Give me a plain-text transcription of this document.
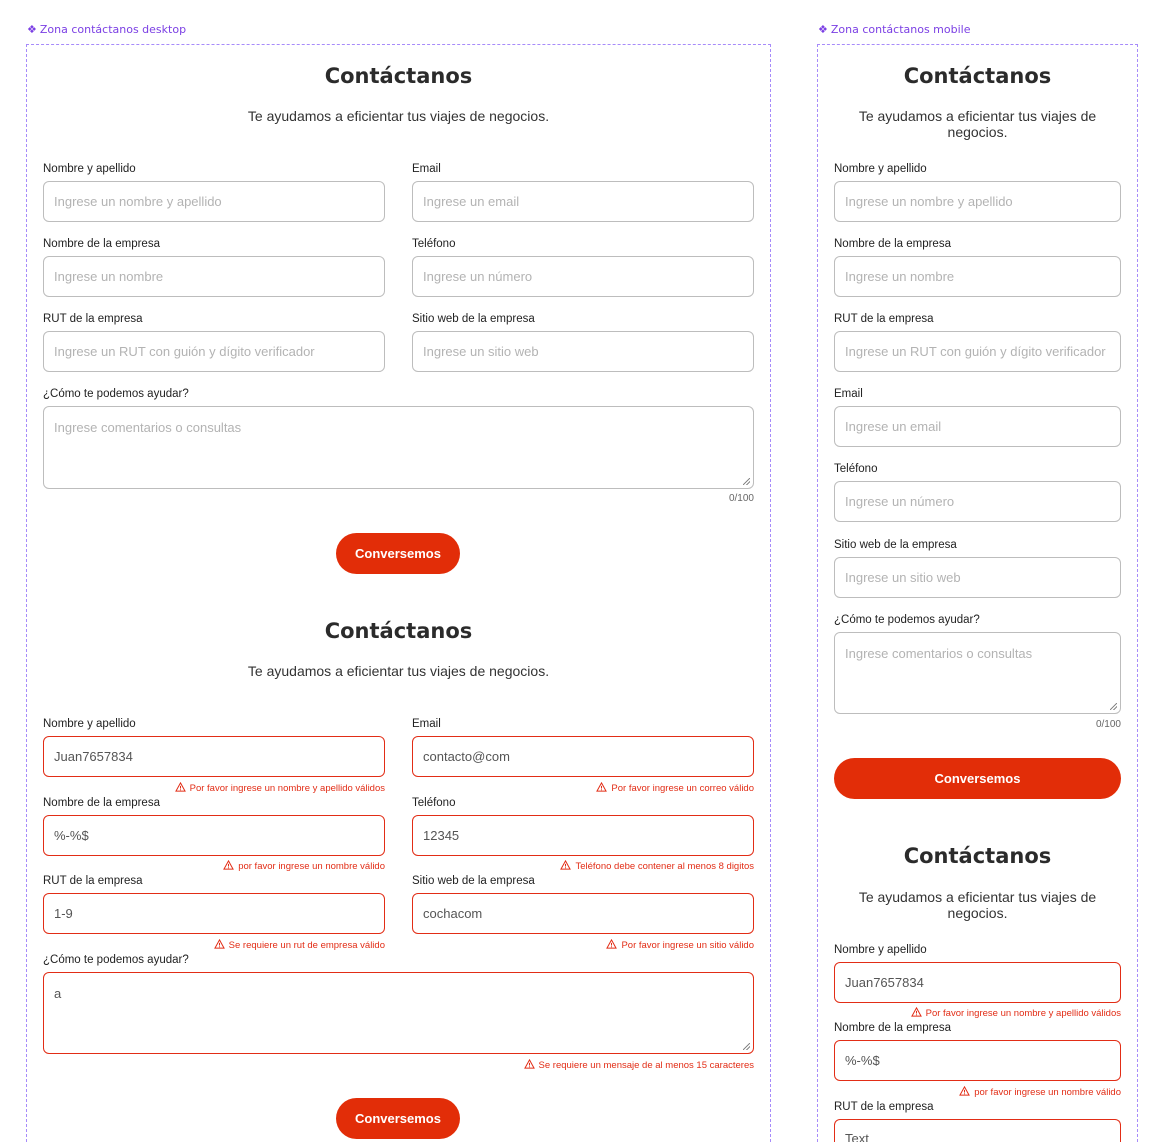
❖ Zona contáctanos desktop
Contáctanos
Te ayudamos a eficientar tus viajes de negocios.
Nombre y apellido
Ingrese un nombre y apellido
Email
Ingrese un email
Nombre de la empresa
Ingrese un nombre
Teléfono
Ingrese un número
RUT de la empresa
Ingrese un RUT con guión y dígito verificador
Sitio web de la empresa
Ingrese un sitio web
¿Cómo te podemos ayudar?
Ingrese comentarios o consultas
0/100
Conversemos
Contáctanos
Te ayudamos a eficientar tus viajes de negocios.
Nombre y apellido
Juan7657834
Por favor ingrese un nombre y apellido válidos
Email
contacto@com
Por favor ingrese un correo válido
Nombre de la empresa
%-%$
por favor ingrese un nombre válido
Teléfono
12345
Teléfono debe contener al menos 8 digitos
RUT de la empresa
1-9
Se requiere un rut de empresa válido
Sitio web de la empresa
cochacom
Por favor ingrese un sitio válido
¿Cómo te podemos ayudar?
a
Se requiere un mensaje de al menos 15 caracteres
Conversemos
❖ Zona contáctanos mobile
Contáctanos
Te ayudamos a eficientar tus viajes de negocios.
Nombre y apellido
Ingrese un nombre y apellido
Nombre de la empresa
Ingrese un nombre
RUT de la empresa
Ingrese un RUT con guión y dígito verificador
Email
Ingrese un email
Teléfono
Ingrese un número
Sitio web de la empresa
Ingrese un sitio web
¿Cómo te podemos ayudar?
Ingrese comentarios o consultas
0/100
Conversemos
Contáctanos
Te ayudamos a eficientar tus viajes de negocios.
Nombre y apellido
Juan7657834
Por favor ingrese un nombre y apellido válidos
Nombre de la empresa
%-%$
por favor ingrese un nombre válido
RUT de la empresa
Text
